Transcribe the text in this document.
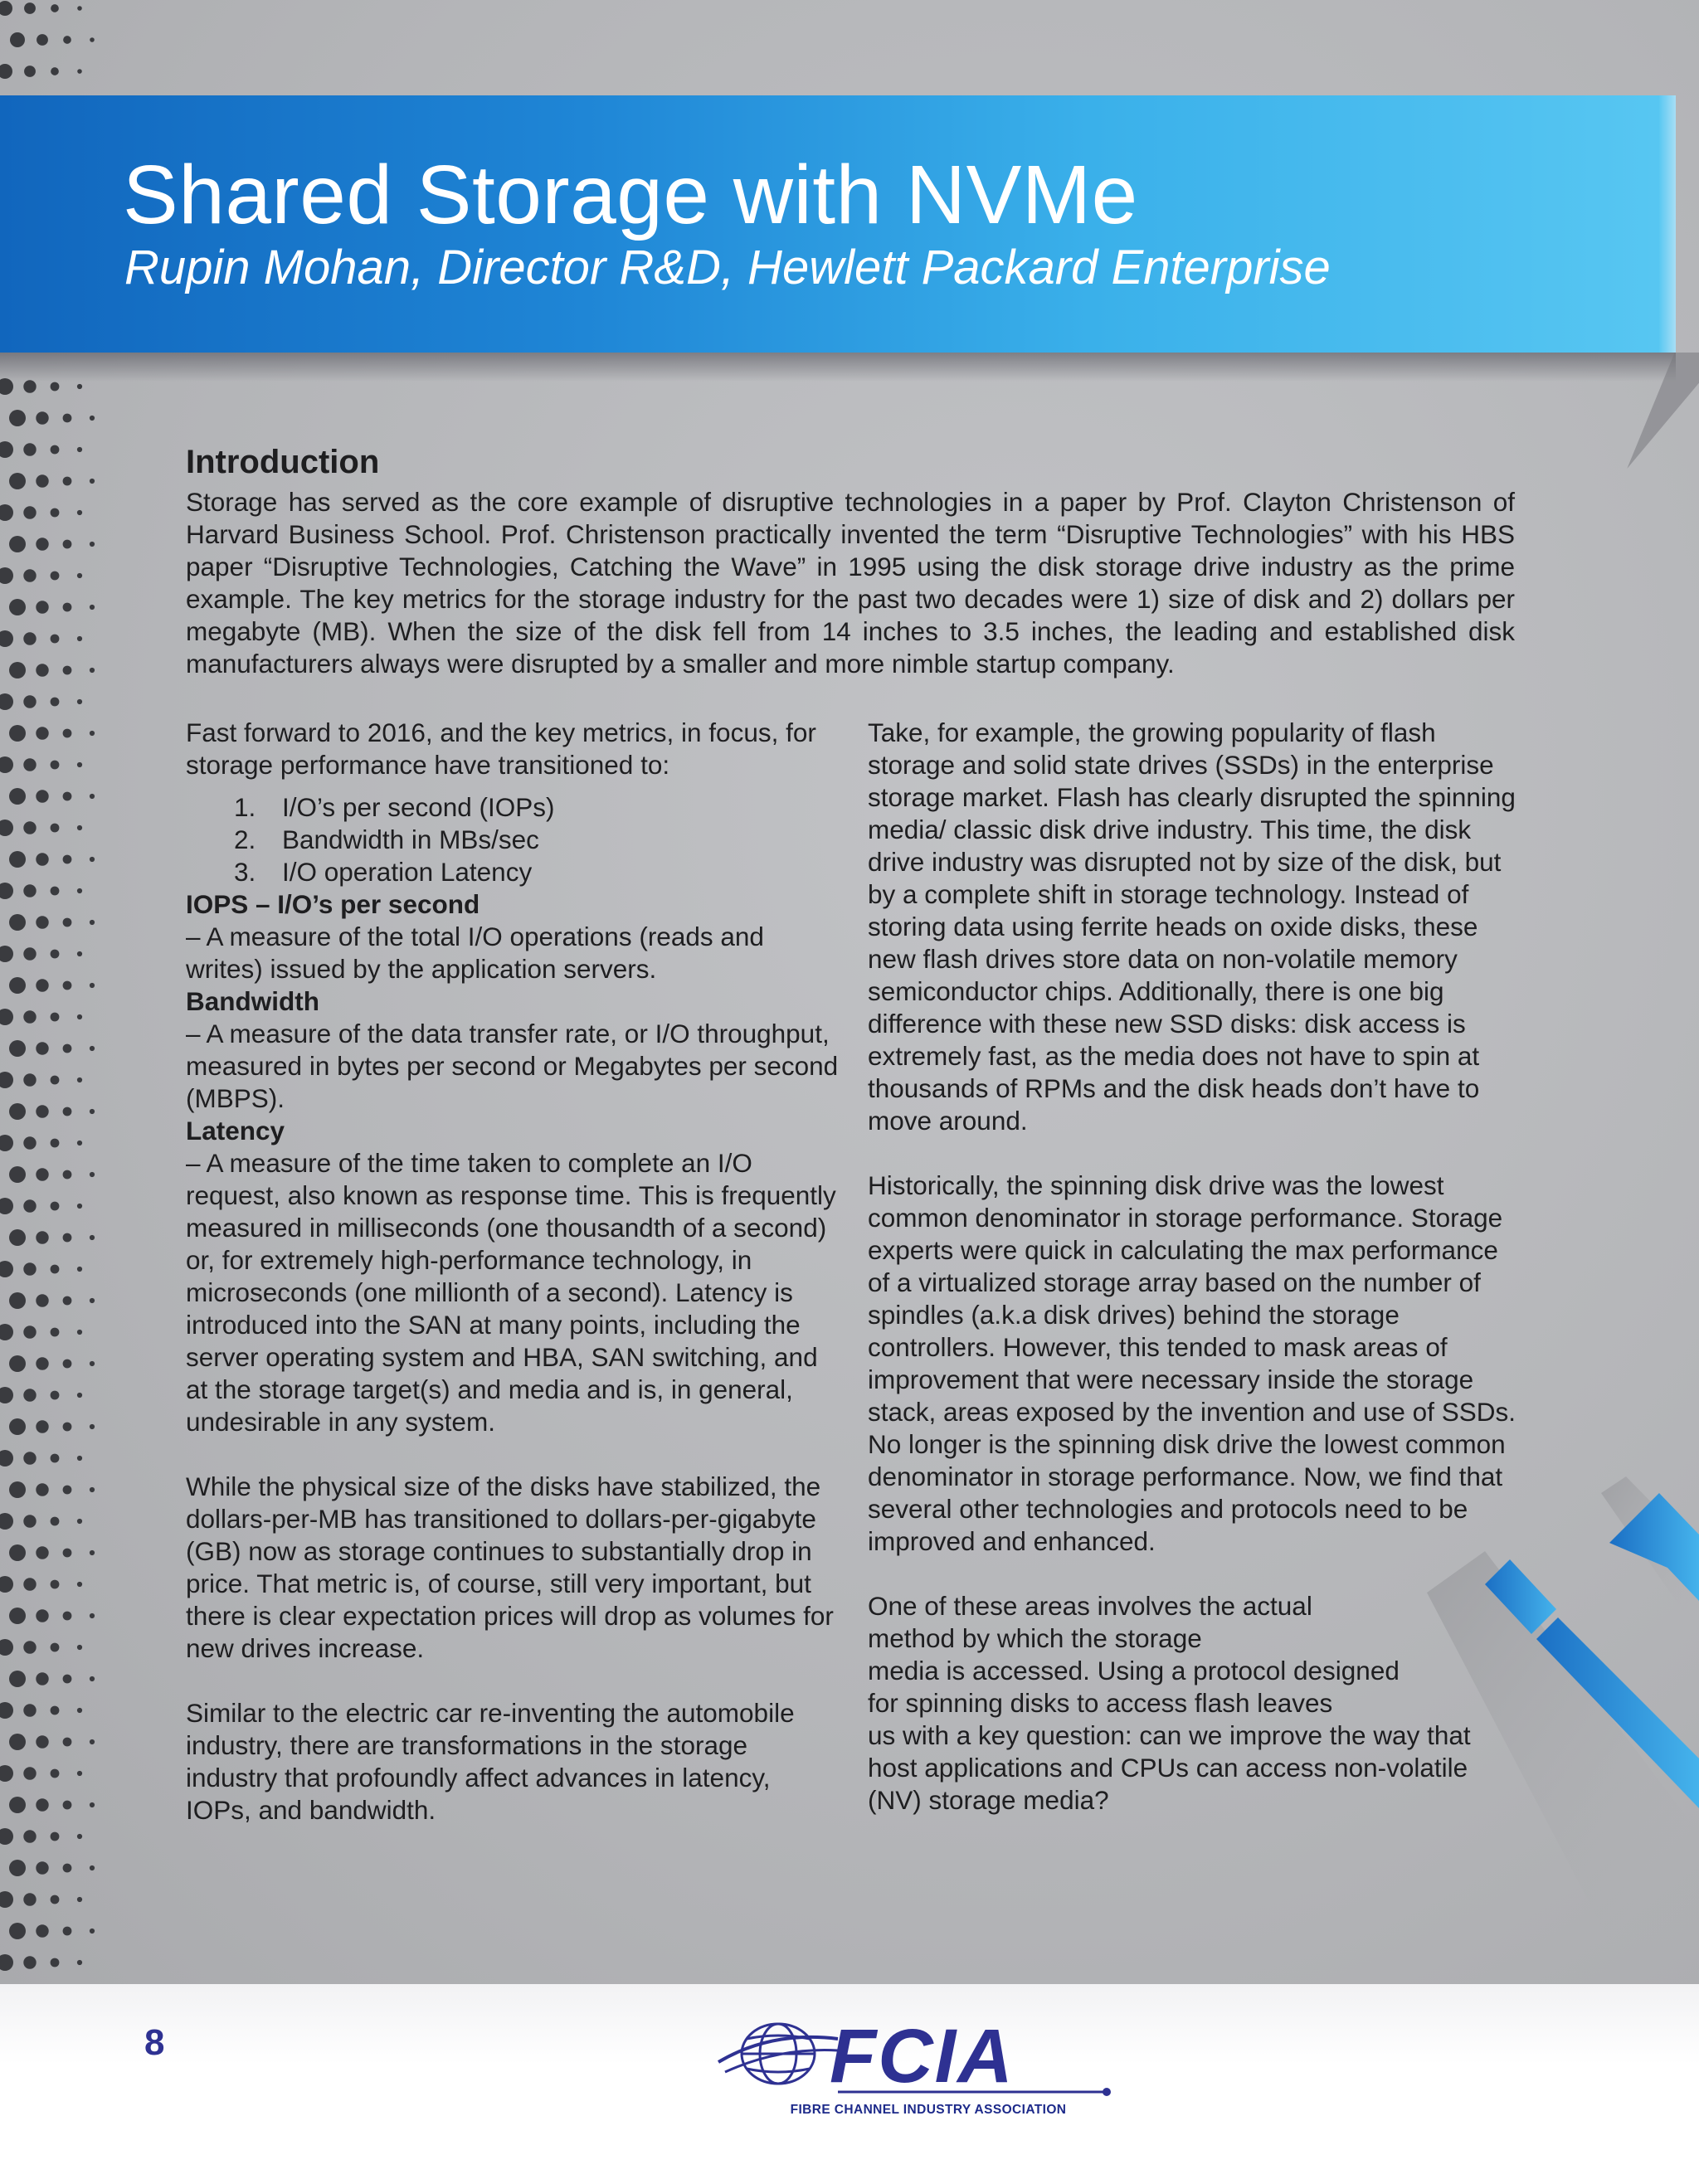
Shared Storage with NVMe
Rupin Mohan, Director R&D, Hewlett Packard Enterprise
Introduction

Storage has served as the core example of disruptive technologies in a paper by Prof. Clayton Christenson of Harvard Business School. Prof. Christenson practically invented the term “Disruptive Technologies” with his HBS paper “Disruptive Technologies, Catching the Wave” in 1995 using the disk storage drive industry as the prime example. The key metrics for the storage industry for the past two decades were 1) size of disk and 2) dollars per megabyte (MB). When the size of the disk fell from 14 inches to 3.5 inches, the leading and established disk manufacturers always were disrupted by a smaller and more nimble startup company.

Fast forward to 2016, and the key metrics, in focus, for storage performance have transitioned to:

1. I/O’s per second (IOPs)
2. Bandwidth in MBs/sec
3. I/O operation Latency

IOPS – I/O’s per second

– A measure of the total I/O operations (reads and writes) issued by the application servers.

Bandwidth

– A measure of the data transfer rate, or I/O throughput, measured in bytes per second or Megabytes per second (MBPS).

Latency

– A measure of the time taken to complete an I/O request, also known as response time. This is frequently measured in milliseconds (one thousandth of a second) or, for extremely high-performance technology, in microseconds (one millionth of a second). Latency is introduced into the SAN at many points, including the server operating system and HBA, SAN switching, and at the storage target(s) and media and is, in general, undesirable in any system.

While the physical size of the disks have stabilized, the dollars-per-MB has transitioned to dollars-per-gigabyte (GB) now as storage continues to substantially drop in price. That metric is, of course, still very important, but there is clear expectation prices will drop as volumes for new drives increase.

Similar to the electric car re-inventing the automobile industry, there are transformations in the storage industry that profoundly affect advances in latency, IOPs, and bandwidth.

Take, for example, the growing popularity of flash storage and solid state drives (SSDs) in the enterprise storage market. Flash has clearly disrupted the spinning media/ classic disk drive industry. This time, the disk drive industry was disrupted not by size of the disk, but by a complete shift in storage technology. Instead of storing data using ferrite heads on oxide disks, these new flash drives store data on non-volatile memory semiconductor chips. Additionally, there is one big difference with these new SSD disks: disk access is extremely fast, as the media does not have to spin at thousands of RPMs and the disk heads don’t have to move around.

Historically, the spinning disk drive was the lowest common denominator in storage performance. Storage experts were quick in calculating the max performance of a virtualized storage array based on the number of spindles (a.k.a disk drives) behind the storage controllers. However, this tended to mask areas of improvement that were necessary inside the storage stack, areas exposed by the invention and use of SSDs. No longer is the spinning disk drive the lowest common denominator in storage performance. Now, we find that several other technologies and protocols need to be improved and enhanced.

One of these areas involves the actual
method by which the storage
media is accessed. Using a protocol designed
for spinning disks to access flash leaves
us with a key question: can we improve the way that
host applications and CPUs can access non-volatile
(NV) storage media?
8	FCIA
FIBRE CHANNEL INDUSTRY ASSOCIATION
